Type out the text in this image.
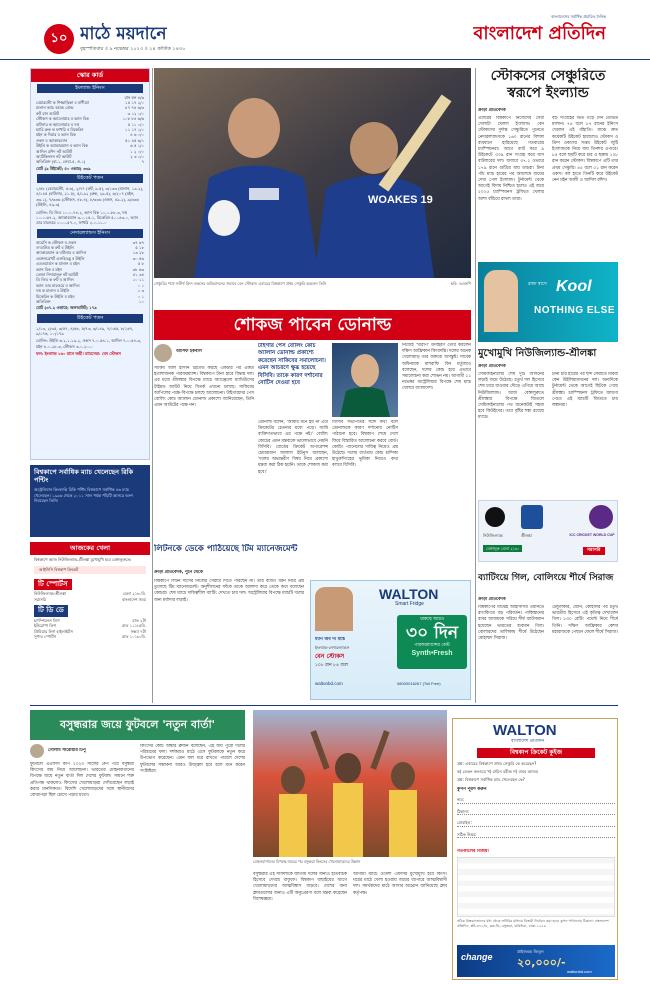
১০ মাঠে ময়দানে
বৃহস্পতিবার ॥ ৯ নভেম্বর ২০২৩ ॥ ২৪ কার্তিক ১৪৩০
বাংলাদেশের সর্বাধিক প্রচারিত দৈনিক
বাংলাদেশ প্রতিদিন
স্কোর কার্ড
ইংল্যান্ড ইনিংস
রান বল ৪/৬
বেয়ারস্টো ক শিজ্জাড়িকা ব বাণীয়্যা	১৫ ১৭ ২/০
মালান ক্যাচ অ্যান্ড বোল্ড	৮৭ ৭৪ ৬/৩
রুট রান আউট	৩ ১২ ০/০
স্টোকস ক অ্যালোয়ার ব ভ্যান বিক	১০৮ ৮৪ ৬/৬
বাটলার ক অ্যালোয়ার ব দত্ত	৫ ১১ ০/০
হ্যারি ব্রুক ক ফাখরি ব মিকেরিন	১১ ১৭ ১/০
মইন ক দিয়ার ব ভ্যান বিক	৪ ৬ ০/০
ওকস ব অ্যাকারম্যান	৫১ ৪৫ ৬/১
উইলি ক অ্যাকারম্যান ব ভ্যান বিক	৬ ৫ ১/০
আদিল রশিদ নট আউট	১ ২ ০/০
অ্যাটকিনসন নট আউট	২ ৩ ০/০
অতিরিক্ত (বা-১, লেবা-৫, ও-১)	৭
মোট (৯ উইকেট; ৫০ ওভার) ৩৩৯
উইকেট পতন
১/৪৮ (বেয়ারস্টো, ৫.৬), ২/৭৭ (রুট, ৯.৫), ৩/১৩৩ (মালান, ১৯.২), ৪/১৪৫ (বাটলার, ২১.৫), ৫/১৯২ (ব্রুক, ২৯.৫), ৬/২০৭ (মইন, ৩৩.১), ৭/৩৩৬ (স্টোকস, ৪৮.৪), ৮/৩৩৬ (ওকস, ৪৯.২), ৯/৩৩৬ (উইলি, ৪৯.৩)
বোলিং: ডি লিড ১০-০-৭৪-২, ভ্যান বিক ১০-০-৮৮-৩, দত্ত ১০-০-৬৭-২, অ্যাকারম্যান ৩-০-১৫-১, মিকেরিন ৫-০-৪৩-০, ভ্যান ডার মারওয়ে ১০-০-৫৭-০, ফাখরি ২-০-১১-০
নেদারল্যান্ডস ইনিংস
বারেসি ক স্টোকস ব ওকস	৩৭ ৬৭
ও'ডাউড ক রুট ব উইলি	৫ ১৮
অ্যাকারম্যান ক বাটলার ব আদিল	১৩ ২৮
এঙ্গেলব্রেখট এলবিডব্লু ব উইলি	৩০ ৫৬
এডওয়ার্ডস ক মালান ব মইন	৫ ৮
ভ্যান বিক ব মইন	৩৮ ৬৩
তেজা নিদামানুরু নট আউট	৪১ ৩৪
ডি লিড ক রুট ব আদিল	১০ ১১
ভ্যান ডার মারওয়ে ব আদিল	০ ১
দত্ত ক মালান ব উইলি	১ ৩
মিকেরিন ক উইলি ব মইন	০ ১
অতিরিক্ত	১০
মোট (৩৭.২ ওভারে; অলআউট) ১৭৯
উইকেট পতন
১/১৩, ২/৩৫, ৩/৫৭, ৪/৬৮, ৫/৭৩, ৬/১৪৯, ৭/১৬৫, ৮/১৬৭, ৯/১৭৬, ১০/১৭৯
বোলিং: উইলি ৬.২-১-১৯-২, ওকস ৭-০-৫৪-১, আদিল ৭-০-৫৪-৩, মইন ৮-০-২৮-৩, স্টোকস ৩-০-২০-০
ফল: ইংল্যান্ড ১৬০ রানে জয়ী। ম্যাচসেরা: বেন স্টোকস
বিশ্বকাপে সর্বাধিক ম্যাচ খেলেছেন রিকি পন্টিং
অস্ট্রেলিয়ান কিংবদন্তি রিকি পন্টিং বিশ্বকাপে সর্বাধিক ৪৬ ম্যাচ খেলেছেন। ১৯৯৬ থেকে ২০১১ সাল পর্যন্ত পাঁচটি আসরে অংশ নিয়েছেন তিনি।
আজকের খেলা
বিশ্বকাপে আজ নিউজিল্যান্ড-শ্রীলঙ্কা মুখোমুখি হবে বেঙ্গালুরুতে।
আইসিসি বিশ্বকাপ ক্রিকেট
টি স্পোর্টস
নিউজিল্যান্ড-শ্রীলঙ্কা	বেলা ২:৩০মি.
সরাসরি	বাংলাদেশ সময়
টি ডি ডে
চ্যাম্পিয়নস লিগ	রাত ২টা
ইউরোপা লিগ	রাত ১১:৪৫মি.
প্রিমিয়ার লিগ হাইলাইটস	সন্ধ্যা ৭টা
সুপার স্পোর্টস	রাত ১০:৩০মি.
WOAKES 19
সেঞ্চুরির পথে সতীর্থ ক্রিস ওকসের অভিবাদনের জবাবে বেন স্টোকস। এবারের বিশ্বকাপে প্রথম সেঞ্চুরি করলেন তিনি	ছবি: এএফপি
স্টোকসের সেঞ্চুরিতে স্বরূপে ইংল্যান্ড
ক্রীড়া প্রতিবেদক
এবারের বিশ্বকাপে নিজেদের সেরা খেলাটা খেলল ইংল্যান্ড। বেন স্টোকসের দুর্দান্ত সেঞ্চুরিতে পুনেতে নেদারল্যান্ডসকে ১৬০ রানের বিশাল ব্যবধানে হারিয়েছে গতবারের চ্যাম্পিয়নরা। আগে ব্যাট করে ৯ উইকেটে ৩৩৯ রান সংগ্রহ করে জস বাটলারের দল। জবাবে ৩৭.২ ওভারে ১৭৯ রানে গুটিয়ে যায় ডাচরা। টানা পাঁচ ম্যাচ হারের পর অবশেষে জয়ের দেখা পেল ইংল্যান্ড। টুর্নামেন্ট থেকে আগেই বিদায় নিশ্চিত হলেও এই জয়ে ২০২৫ চ্যাম্পিয়নস ট্রফিতে খেলার আশা বাঁচিয়ে রাখল তারা।
বড় সংগ্রহের ভিত গড়ে দেন ডেভিড মালান। ৭৪ বলে ৮৭ রানের ইনিংস খেলেন এই বাঁহাতি। মাঝে দ্রুত কয়েকটি উইকেট হারালেও স্টোকস ও ক্রিস ওকসের সপ্তম উইকেট জুটি ইংল্যান্ডকে নিয়ে যায় তিনশর ওপারে। ৮৪ বলে ছয়টি করে চার ও ছক্কায় ১০৮ রান করেন স্টোকস। বিশ্বকাপে এটি তার প্রথম সেঞ্চুরি। ৪৫ বলে ৫১ রান করেন ওকস। বল হাতে তিনটি করে উইকেট নেন মইন আলী ও আদিল রশিদ।
শোকজ পাবেন ডোনাল্ড
আসিফ ইকবাল
টাইগার পেস বোলিং কোচ অ্যালান ডোনাল্ড প্রকাশ্যে করেছেন সাকিবের সমালোচনা। এমন আচরণে ক্ষুব্ধ হয়েছে বিসিবি। তাকে কারণ দর্শানোর নোটিস দেওয়া হবে
সাকিব আল হাসান ব্রিগেড করছে একটার পর একটা হতাশাজনক পারফরম্যান্স। বিশ্বকাপে টানা হারে বিদ্ধস্ত দল। এর মধ্যে শ্রীলঙ্কার বিপক্ষে ম্যাচে অ্যাঞ্জেলো ম্যাথিউসের টাইমড আউট নিয়ে বিতর্ক এখনো চলছে। সাকিবের আপিলের পক্ষে-বিপক্ষে চলছে আলোচনা। টাইগারদের পেস বোলিং কোচ অ্যালান ডোনাল্ড প্রকাশ্যে জানিয়েছেন, তিনি এমন আউটের পক্ষে নন।
ডোনাল্ড বলেন, 'আমার মনে হয় না এটা ক্রিকেটের চেতনার মধ্যে পড়ে। আমি ব্যক্তিগতভাবে এর পক্ষে নই।' বোলিং কোচের এমন মন্তব্যকে ভালোভাবে নেয়নি বিসিবি। বোর্ডের ক্রিকেট অপারেশন্স চেয়ারম্যান জালাল ইউনুস বলেছেন, 'দলের অভ্যন্তরীণ বিষয় নিয়ে প্রকাশ্যে মন্তব্য করা ঠিক হয়নি। তাকে শোকজ করা হবে।'
বিসিবি সভাপতির সঙ্গে কথা বলে ডোনাল্ডকে কারণ দর্শানোর নোটিস পাঠানো হবে। বিশ্বকাপ শেষে দেশে ফিরে বিস্তারিত আলোচনা করবে বোর্ড। কোচিং প্যানেলের দায়িত্ব নিয়েও প্রশ্ন উঠেছে। দলের ব্যর্থতায় কোচ চান্দিকা হাথুরুসিংহের ভূমিকা নিয়েও কথা বলবে বিসিবি।
নিজেই 'খারাপ' উদাহরণ তৈরি করলেন দক্ষিণ আফ্রিকান কিংবদন্তি। দলের অনেক খেলোয়াড় তার বক্তব্যে অসন্তুষ্ট। সাবেক অধিনায়ক মাশরাফি বিন মর্তুজাও বলেছেন, দলের কোচ হয়ে এভাবে সমালোচনা করা শোভন নয়। আগামী ১১ নভেম্বর অস্ট্রেলিয়ার বিপক্ষে শেষ ম্যাচ খেলবে বাংলাদেশ।
ঠান্ডা শ্বাসে Kool
NOTHING ELSE
মুখোমুখি নিউজিল্যান্ড-শ্রীলঙ্কা
ক্রীড়া প্রতিবেদক
সেমিফাইনালের শেষ দুটি আসনের লড়াই জমে উঠেছে। চতুর্থ দল হিসেবে শেষ চারে যাওয়ার দৌড়ে এগিয়ে আছে নিউজিল্যান্ড। আজ বেঙ্গালুরুতে শ্রীলঙ্কার বিপক্ষে জিতলে সেমিফাইনালের পথ অনেকটাই সহজ হবে কিউইদের। তবে বৃষ্টির শঙ্কা রয়েছে ম্যাচে।
টানা চার হারের পর ছন্দ ফেরাতে মরিয়া কেন উইলিয়ামসনের দল। অন্যদিকে টুর্নামেন্ট থেকে আগেই ছিটকে গেছে শ্রীলঙ্কা। চ্যাম্পিয়নস ট্রফিতে জায়গা পেতে এই ম্যাচটি জিততে চায় লঙ্কানরা।
নিউজিল্যান্ড	শ্রীলঙ্কা	ICC CRICKET WORLD CUP
বেঙ্গালুরু বেলা ২:৩০	সরাসরি
ব্যাটিংয়ে গিল, বোলিংয়ে শীর্ষে সিরাজ
ক্রীড়া প্রতিবেদক
বিশ্বকাপের মাঝেই আইসিসির ওয়ানডে র‌্যাংকিংয়ে বড় পরিবর্তন। পাকিস্তানের বাবর আজমকে সরিয়ে শীর্ষ ব্যাটসম্যান হয়েছেন ভারতের শুবমান গিল। বোলারদের তালিকায় শীর্ষে উঠেছেন মোহাম্মদ সিরাজ।
টেন্ডুলকার, ধোনি, কোহলির পর চতুর্থ ভারতীয় হিসেবে এই কৃতিত্ব দেখালেন গিল। ৮৩০ রেটিং পয়েন্ট নিয়ে শীর্ষে তিনি। দক্ষিণ আফ্রিকার কেশব মহারাজকে পেছনে ফেলে শীর্ষে সিরাজ।
লিটনকে ডেকে পাঠিয়েছে টিম ম্যানেজমেন্ট
ক্রীড়া প্রতিবেদক, পুনে থেকে
বিশ্বকাপে লিটন দাসের নিজের সেরাটা দিতে পারছেন না। তার ব্যাটিং ধরন নিয়ে প্রশ্ন তুলেছে টিম ম্যানেজমেন্ট। অনুশীলনের ফাঁকে তাকে আলাদা করে ডেকে কথা বলেছেন কোচরা। শেষ ম্যাচে দায়িত্বশীল ব্যাটিং দেখতে চায় দল। অস্ট্রেলিয়ার বিপক্ষে ম্যাচটি দলের জন্য মর্যাদার লড়াই।	WALTON
Smart Fridge
ম্যান অব দ্য ম্যাচ
ইংল্যান্ড-নেদারল্যান্ডস
বেন স্টোকস
১০৮ রান ৮৪ বলে
থাকছে আরও
৩০ দিন
পারফরম্যান্সের বেস্ট
Synth•Fresh
waltonbd.com	08000016267 (Toll Free)
বসুন্ধরার জয়ে ফুটবলে 'নতুন বার্তা'
গোলাম সারোয়ার টিপু
ফুটবলে এএফসি কাপ ২০২৩ সালের গ্রুপ পর্বে বসুন্ধরা কিংসের জয় নিয়ে আলোচনা। ভারতের মোহনবাগানের বিপক্ষে জয়ে নতুন বার্তা দিল দেশের ফুটবল। সামনে শক্ত প্রতিপক্ষ থাকলেও কিংসের খেলোয়াড়রা দেখিয়েছেন লড়াই করার মানসিকতা। বিদেশি খেলোয়াড়দের সঙ্গে স্থানীয়দের বোঝাপড়া ছিল চোখে পড়ার মতো।
কিংসের কোচ অস্কার ব্রুজন বলেছেন, এই জয় পুরো দলের পরিশ্রমের ফল। দর্শকরাও মাঠে এসে ফুটবলকে নতুন করে উপভোগ করেছেন। এমন ফল ধরে রাখতে পারলে দেশের ফুটবলের সম্ভাবনা আরও উজ্জ্বল হবে বলে মনে করেন সংশ্লিষ্টরা।
মোহনবাগানের বিপক্ষে জয়ের পর বসুন্ধরা কিংসের খেলোয়াড়দের উল্লাস
বসুন্ধরার এই সাফল্যকে জাতীয় দলের জন্যও ইতিবাচক হিসেবে দেখছে বাফুফে। বিশ্বকাপ বাছাইয়ের আগে খেলোয়াড়দের আত্মবিশ্বাস বাড়বে। দেশের অন্য ক্লাবগুলোর জন্যও এটি অনুপ্রেরণা বলে মন্তব্য করেছেন বিশেষজ্ঞরা।
আগামী ম্যাচে ওডিশা এফসির মুখোমুখি হবে কিংস। ঘরের মাঠে খেলা হওয়ায় জয়ের ব্যাপারে আত্মবিশ্বাসী দল। সমর্থকদের মাঠে আসার আহ্বান জানিয়েছে ক্লাব কর্তৃপক্ষ।
WALTON
বাংলাদেশ প্রতিদিন
বিশ্বকাপ ক্রিকেট কুইজ
প্রশ্ন: এবারের বিশ্বকাপে প্রথম সেঞ্চুরি কে করেছেন?
ক) ডেভন কনওয়ে খ) রাচিন রবীন্দ্র গ) বাবর আজম
প্রশ্ন: বিশ্বকাপে সর্বাধিক ম্যাচ খেলেছেন কে?
কুপন পূরণ করুন
নাম:
ঠিকানা:
মোবাইল:
সঠিক উত্তর:
গতকালের বিজয়ী
সঠিক উত্তরদাতাদের মধ্য থেকে লটারির মাধ্যমে বিজয়ী নির্বাচন করা হবে। কুপন পাঠানোর ঠিকানা: বাংলাদেশ প্রতিদিন, প্লট-৩৭১/এ, ব্লক-ডি, বসুন্ধরা, বারিধারা, ঢাকা-১২২৯
change
প্রাইজবন্ড জিতুন
২০,০০০/-
waltonbd.com
